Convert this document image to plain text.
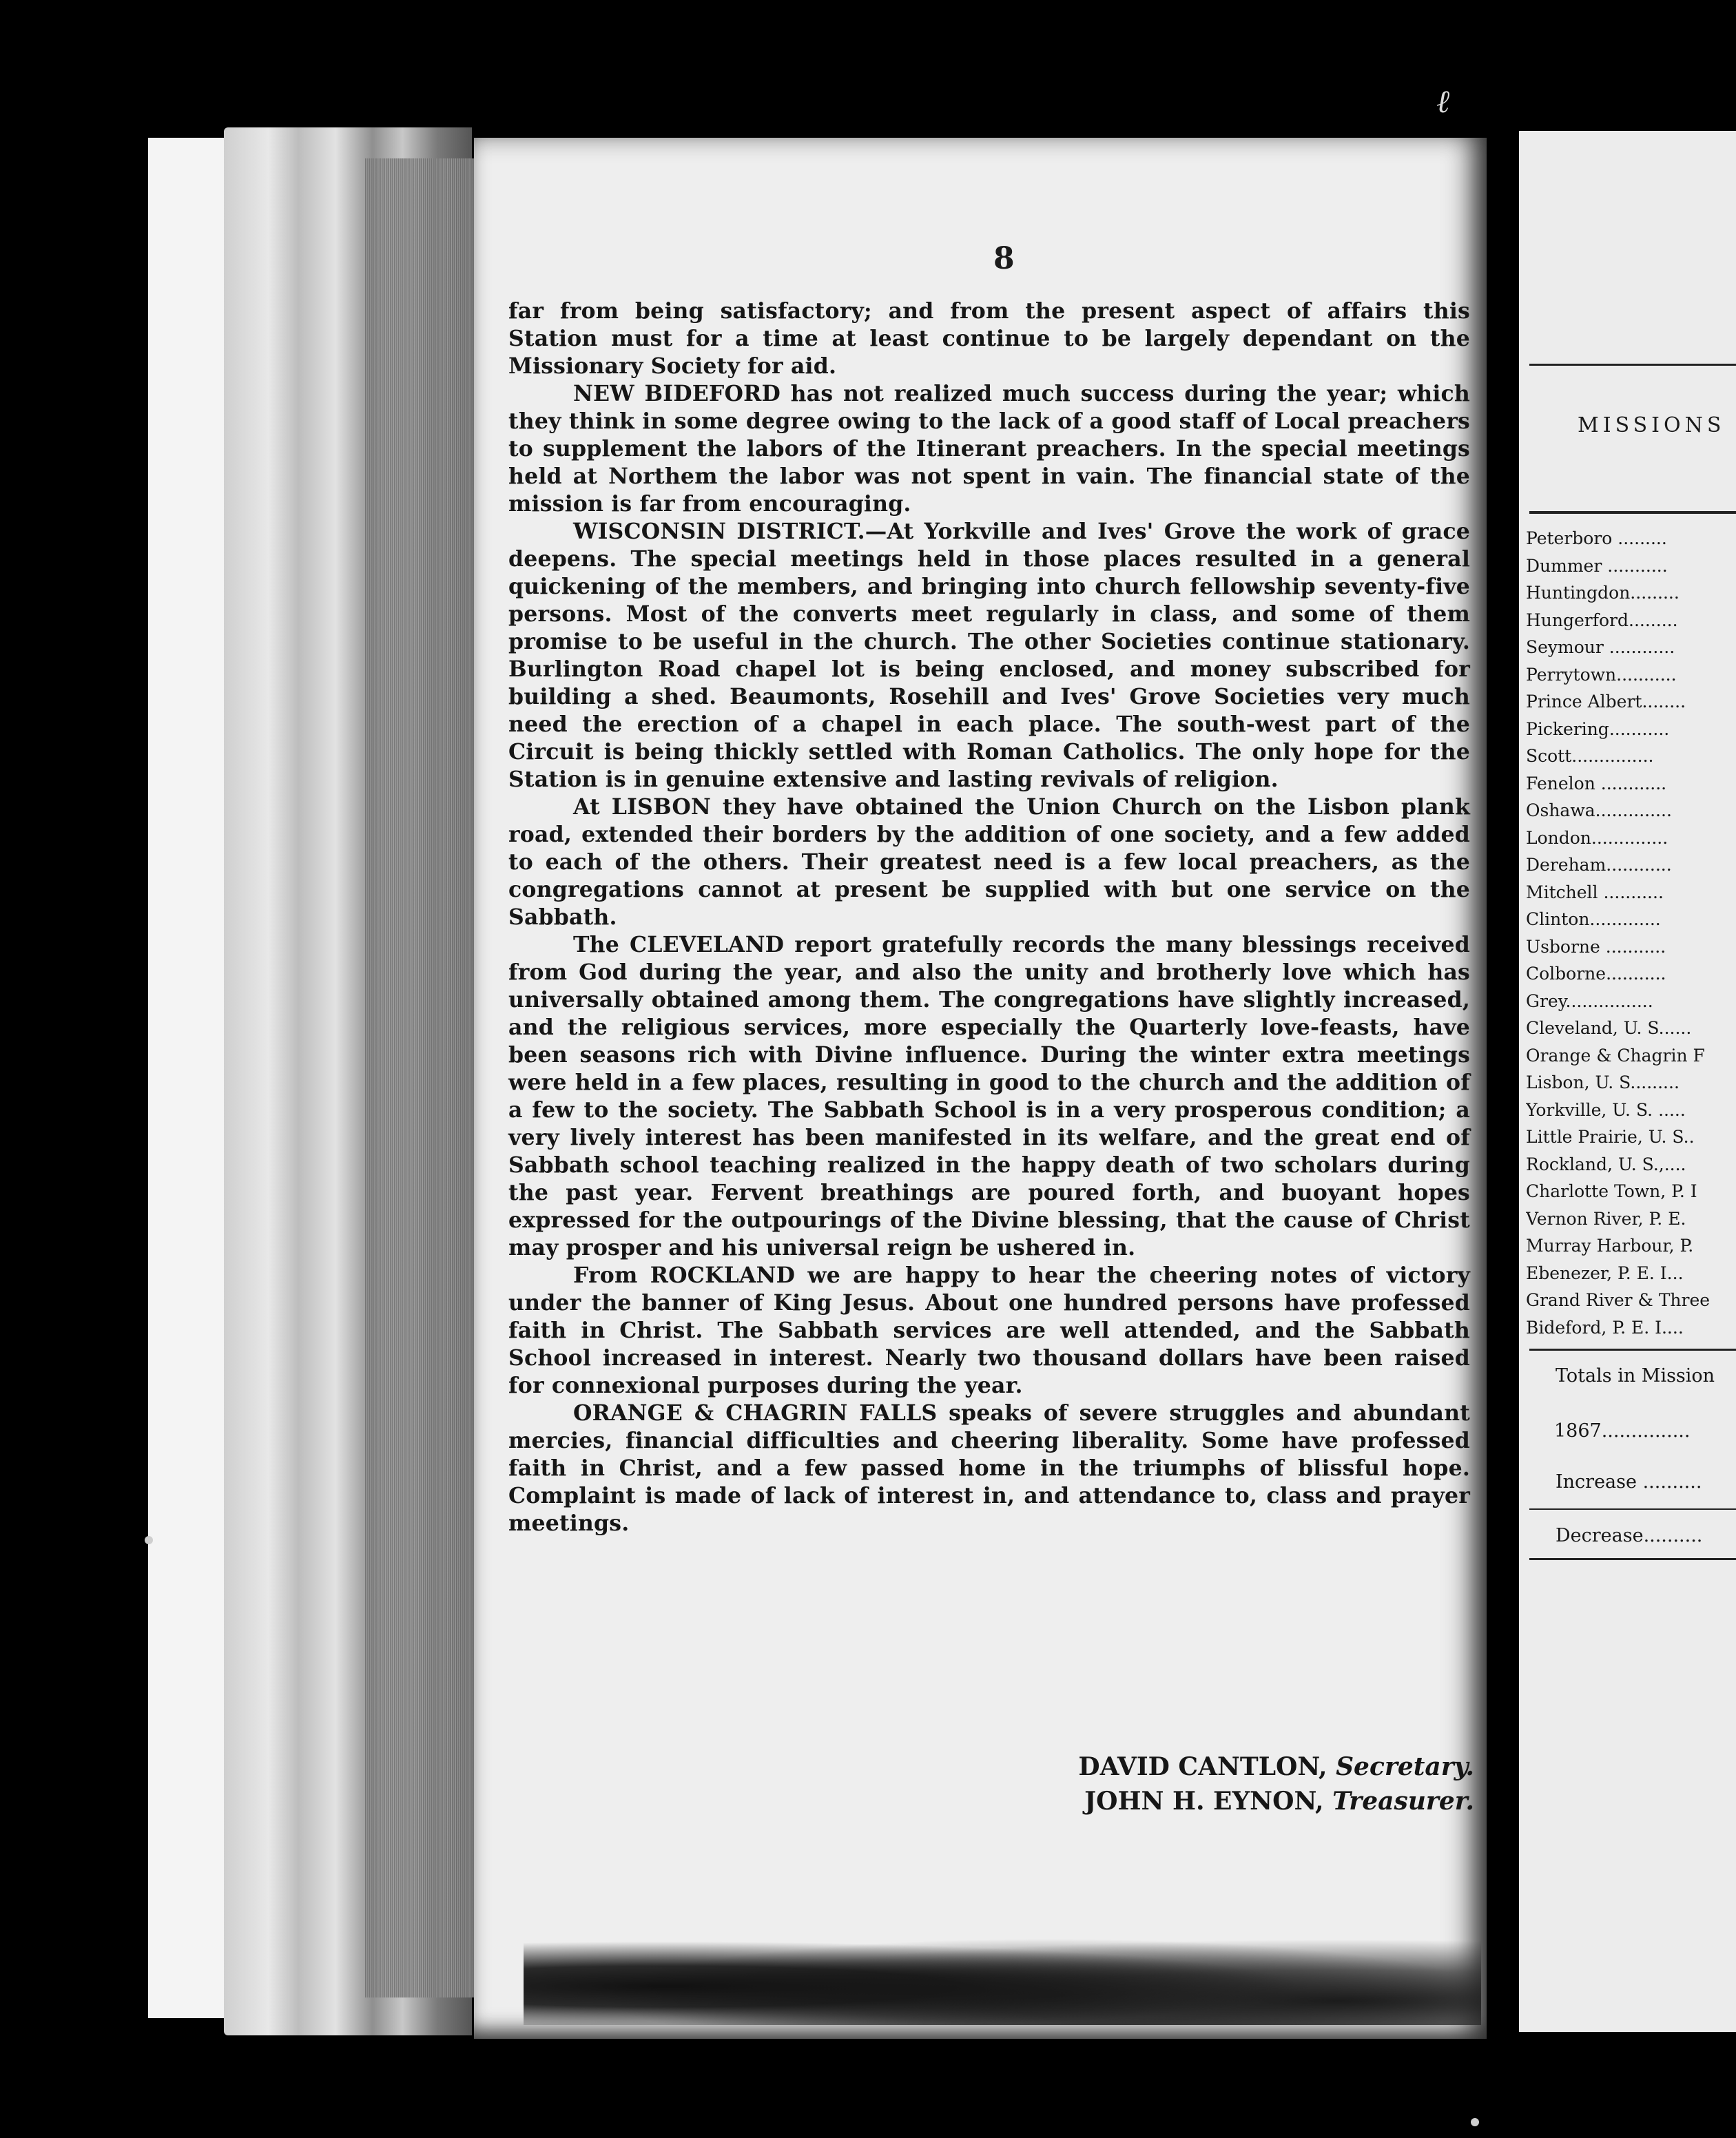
8

far from being satisfactory; and from the present aspect of affairs this Station must for a time at least continue to be largely dependant on the Missionary Society for aid.

NEW BIDEFORD has not realized much success during the year; which they think in some degree owing to the lack of a good staff of Local preachers to supplement the labors of the Itinerant preachers. In the special meetings held at Northem the labor was not spent in vain. The financial state of the mission is far from encouraging.

WISCONSIN DISTRICT.—At Yorkville and Ives' Grove the work of grace deepens. The special meetings held in those places resulted in a general quickening of the members, and bringing into church fellowship seventy-five persons. Most of the converts meet regularly in class, and some of them promise to be useful in the church. The other Societies continue stationary. Burlington Road chapel lot is being enclosed, and money subscribed for building a shed. Beaumonts, Rosehill and Ives' Grove Societies very much need the erection of a chapel in each place. The south-west part of the Circuit is being thickly settled with Roman Catholics. The only hope for the Station is in genuine extensive and lasting revivals of religion.

At LISBON they have obtained the Union Church on the Lisbon plank road, extended their borders by the addition of one society, and a few added to each of the others. Their greatest need is a few local preachers, as the congregations cannot at present be supplied with but one service on the Sabbath.

The CLEVELAND report gratefully records the many blessings received from God during the year, and also the unity and brotherly love which has universally obtained among them. The congregations have slightly increased, and the religious services, more especially the Quarterly love-feasts, have been seasons rich with Divine influence. During the winter extra meetings were held in a few places, resulting in good to the church and the addition of a few to the society. The Sabbath School is in a very prosperous condition; a very lively interest has been manifested in its welfare, and the great end of Sabbath school teaching realized in the happy death of two scholars during the past year. Fervent breathings are poured forth, and buoyant hopes expressed for the outpourings of the Divine blessing, that the cause of Christ may prosper and his universal reign be ushered in.

From ROCKLAND we are happy to hear the cheering notes of victory under the banner of King Jesus. About one hundred persons have professed faith in Christ. The Sabbath services are well attended, and the Sabbath School increased in interest. Nearly two thousand dollars have been raised for connexional purposes during the year.

ORANGE & CHAGRIN FALLS speaks of severe struggles and abundant mercies, financial difficulties and cheering liberality. Some have professed faith in Christ, and a few passed home in the triumphs of blissful hope. Complaint is made of lack of interest in, and attendance to, class and prayer meetings.

DAVID CANTLON, Secretary.
JOHN H. EYNON, Treasurer.
MISSIONS
Peterboro .........
Dummer ...........
Huntingdon.........
Hungerford.........
Seymour ............
Perrytown...........
Prince Albert........
Pickering...........
Scott...............
Fenelon ............
Oshawa..............
London..............
Dereham............
Mitchell ...........
Clinton.............
Usborne ...........
Colborne...........
Grey................
Cleveland, U. S......
Orange & Chagrin F
Lisbon, U. S.........
Yorkville, U. S. .....
Little Prairie, U. S..
Rockland, U. S.,....
Charlotte Town, P. I
Vernon River, P. E.
Murray Harbour, P.
Ebenezer, P. E. I...
Grand River & Three
Bideford, P. E. I....
Totals in Mission
1867...............
Increase ..........
Decrease..........
ℓ
